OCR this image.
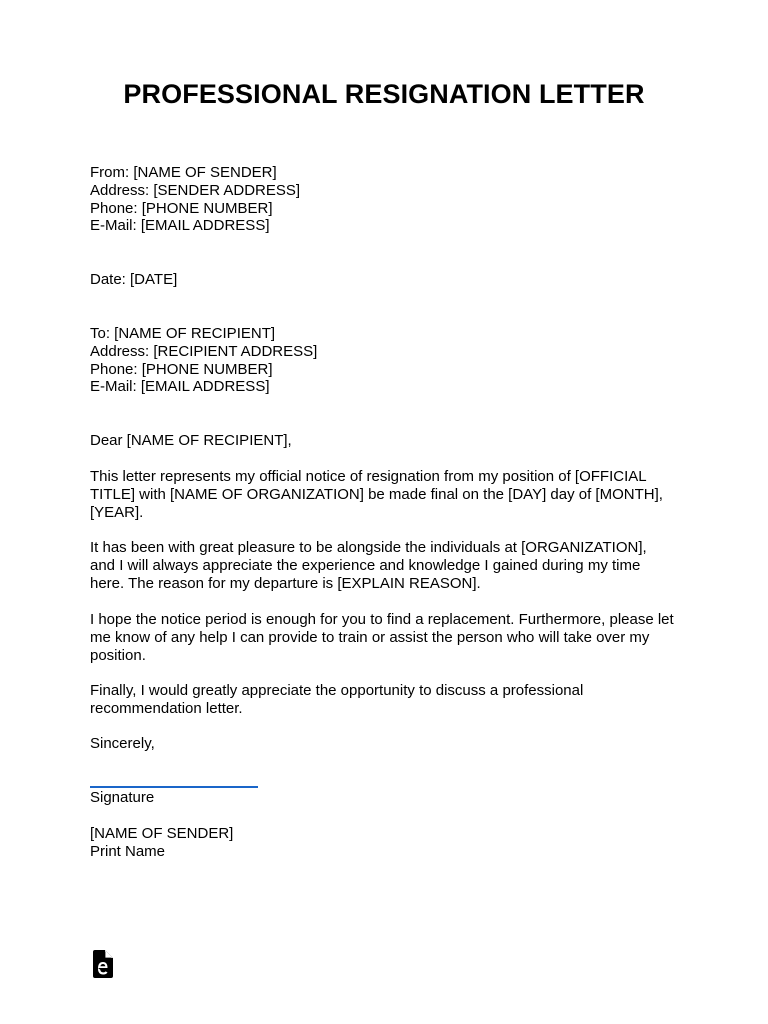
PROFESSIONAL RESIGNATION LETTER
From: [NAME OF SENDER]
Address: [SENDER ADDRESS]
Phone: [PHONE NUMBER]
E-Mail: [EMAIL ADDRESS]
Date: [DATE]
To: [NAME OF RECIPIENT]
Address: [RECIPIENT ADDRESS]
Phone: [PHONE NUMBER]
E-Mail: [EMAIL ADDRESS]
Dear [NAME OF RECIPIENT],
This letter represents my official notice of resignation from my position of [OFFICIAL
TITLE] with [NAME OF ORGANIZATION] be made final on the [DAY] day of [MONTH],
[YEAR].
It has been with great pleasure to be alongside the individuals at [ORGANIZATION],
and I will always appreciate the experience and knowledge I gained during my time
here. The reason for my departure is [EXPLAIN REASON].
I hope the notice period is enough for you to find a replacement. Furthermore, please let
me know of any help I can provide to train or assist the person who will take over my
position.
Finally, I would greatly appreciate the opportunity to discuss a professional
recommendation letter.
Sincerely,
Signature
[NAME OF SENDER]
Print Name
